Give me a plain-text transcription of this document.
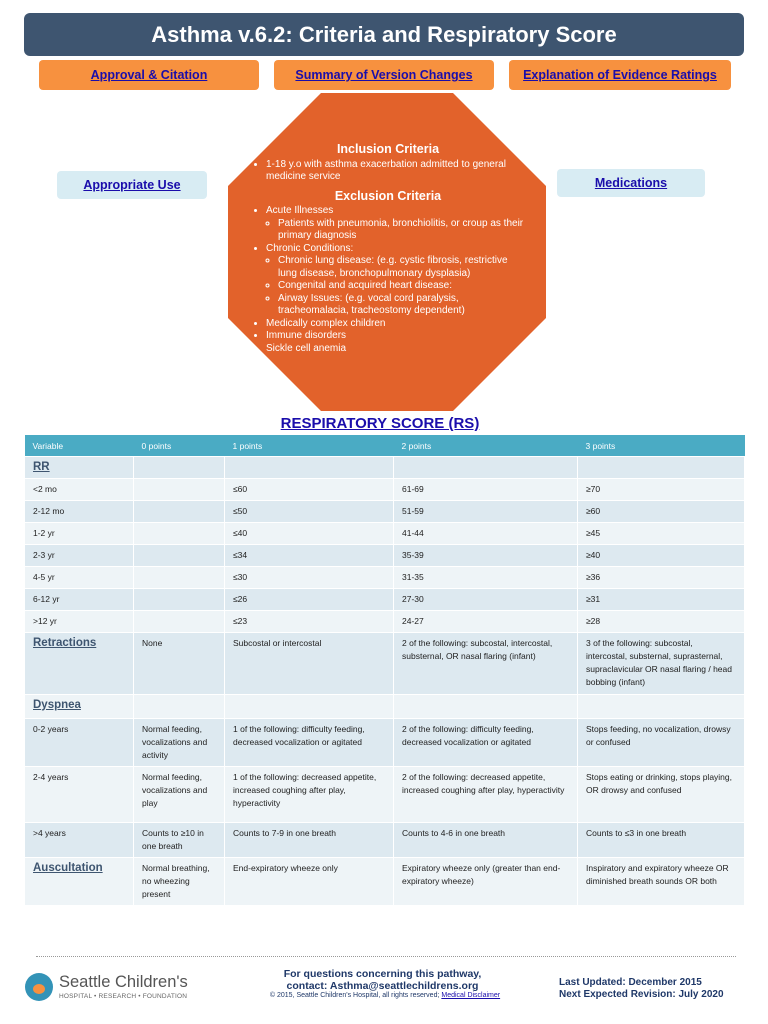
Asthma v.6.2: Criteria and Respiratory Score
Approval & Citation	Summary of Version Changes	Explanation of Evidence Ratings
Appropriate Use	Medications
Inclusion Criteria
• 1-18 y.o with asthma exacerbation admitted to general medicine service
Exclusion Criteria
• Acute Illnesses
◦ Patients with pneumonia, bronchiolitis, or croup as their primary diagnosis
• Chronic Conditions:
◦ Chronic lung disease: (e.g. cystic fibrosis, restrictive lung disease, bronchopulmonary dysplasia)
◦ Congenital and acquired heart disease:
◦ Airway Issues: (e.g. vocal cord paralysis, tracheomalacia, tracheostomy dependent)
• Medically complex children
• Immune disorders
• Sickle cell anemia
RESPIRATORY SCORE (RS)
Variable	0 points	1 points	2 points	3 points
RR				
<2 mo		≤60	61-69	≥70
2-12 mo		≤50	51-59	≥60
1-2 yr		≤40	41-44	≥45
2-3 yr		≤34	35-39	≥40
4-5 yr		≤30	31-35	≥36
6-12 yr		≤26	27-30	≥31
>12 yr		≤23	24-27	≥28
Retractions	None	Subcostal or intercostal	2 of the following: subcostal, intercostal, substernal, OR nasal flaring (infant)	3 of the following: subcostal, intercostal, substernal, suprasternal, supraclavicular OR nasal flaring / head bobbing (infant)
Dyspnea				
0-2 years	Normal feeding, vocalizations and activity	1 of the following: difficulty feeding, decreased vocalization or agitated	2 of the following: difficulty feeding, decreased vocalization or agitated	Stops feeding, no vocalization, drowsy or confused
2-4 years	Normal feeding, vocalizations and play	1 of the following: decreased appetite, increased coughing after play, hyperactivity	2 of the following: decreased appetite, increased coughing after play, hyperactivity	Stops eating or drinking, stops playing, OR drowsy and confused
>4 years	Counts to ≥10 in one breath	Counts to 7-9 in one breath	Counts to 4-6 in one breath	Counts to ≤3 in one breath
Auscultation	Normal breathing, no wheezing present	End-expiratory wheeze only	Expiratory wheeze only (greater than end-expiratory wheeze)	Inspiratory and expiratory wheeze OR diminished breath sounds OR both
Seattle Children's
HOSPITAL • RESEARCH • FOUNDATION
For questions concerning this pathway,
contact: Asthma@seattlechildrens.org
© 2015, Seattle Children's Hospital, all rights reserved; Medical Disclaimer
Last Updated: December 2015
Next Expected Revision: July 2020
